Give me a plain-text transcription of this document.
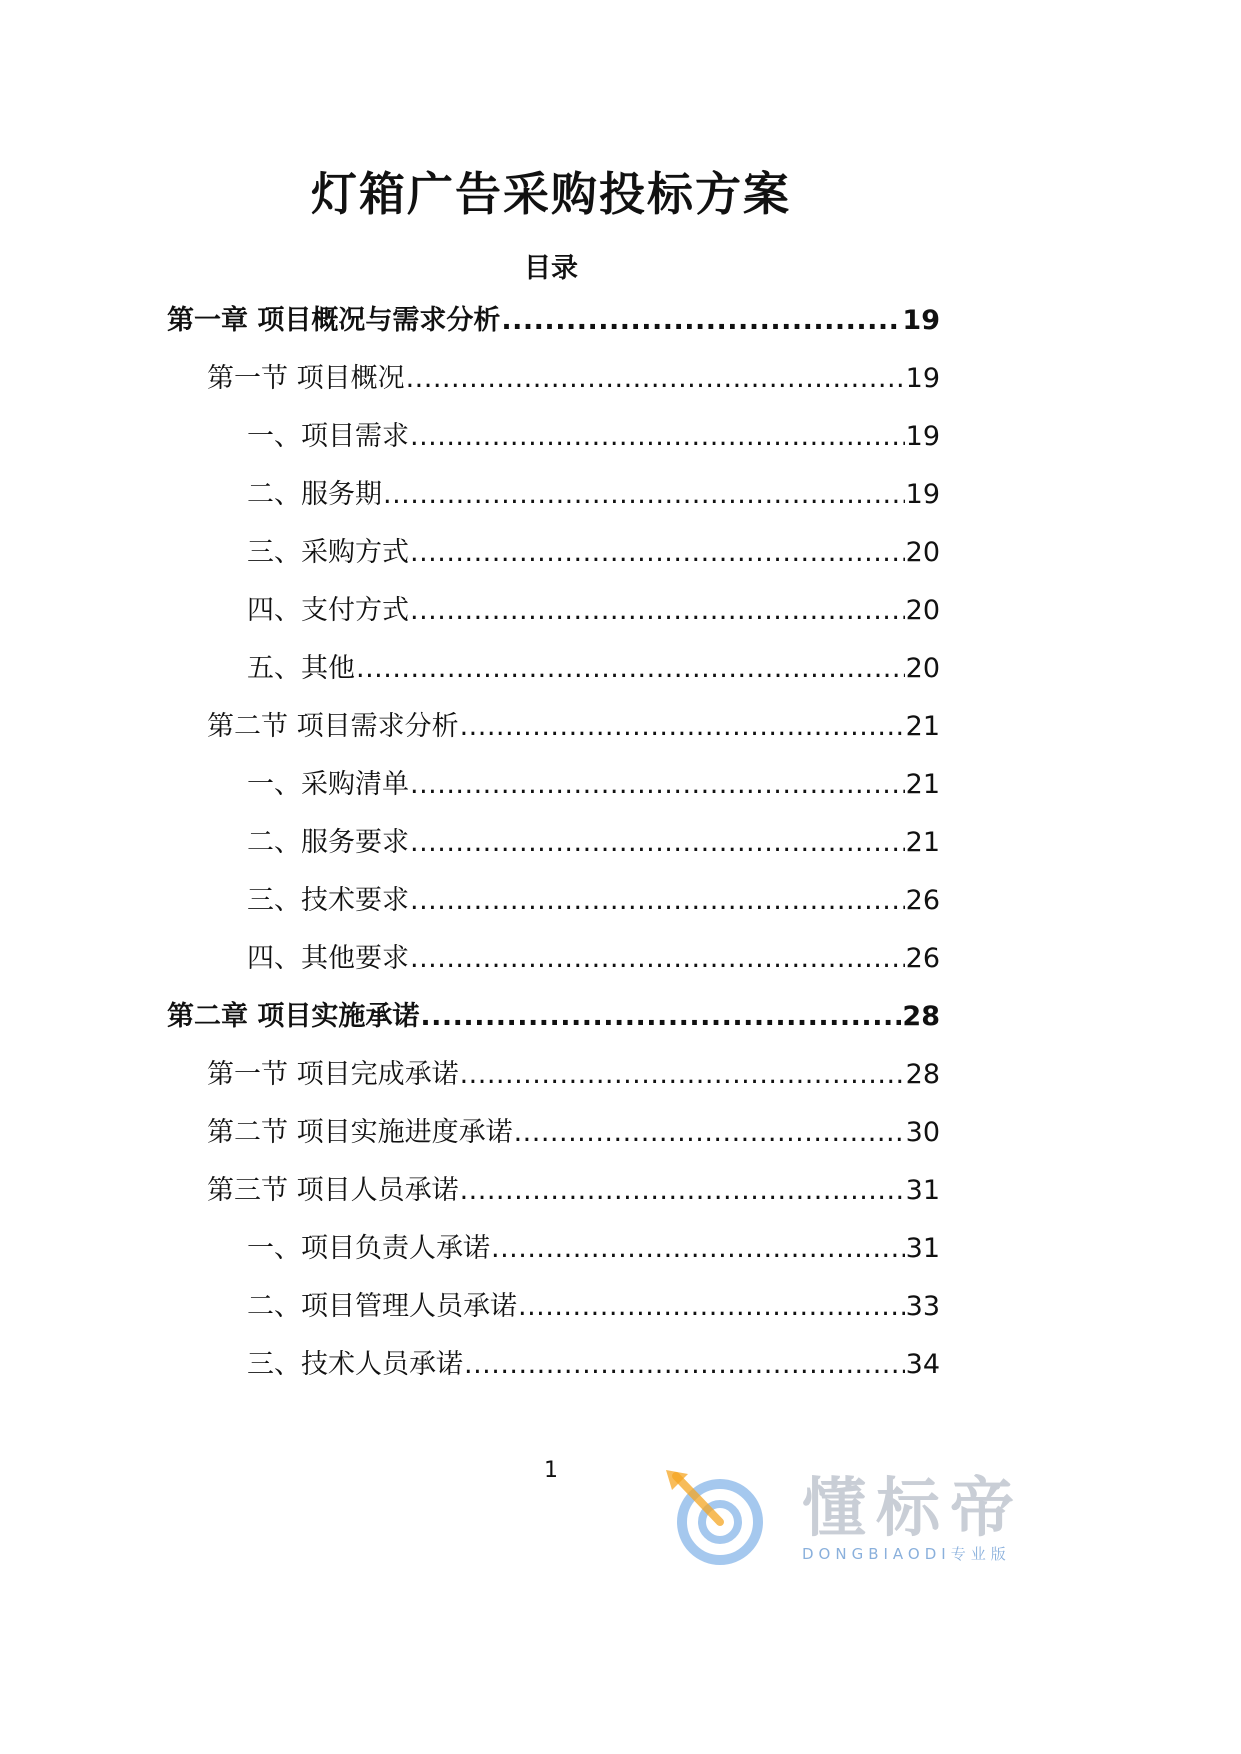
灯箱广告采购投标方案
目录
第一章 项目概况与需求分析 .....	19
第一节 项目概况 .....	19
一、项目需求 .....	19
二、服务期 .....	19
三、采购方式 .....	20
四、支付方式 .....	20
五、其他 .....	20
第二节 项目需求分析 .....	21
一、采购清单 .....	21
二、服务要求 .....	21
三、技术要求 .....	26
四、其他要求 .....	26
第二章 项目实施承诺 .....	28
第一节 项目完成承诺 .....	28
第二节 项目实施进度承诺 .....	30
第三节 项目人员承诺 .....	31
一、项目负责人承诺 .....	31
二、项目管理人员承诺 .....	33
三、技术人员承诺 .....	34
1
懂标帝
DONGBIAODI专业版
